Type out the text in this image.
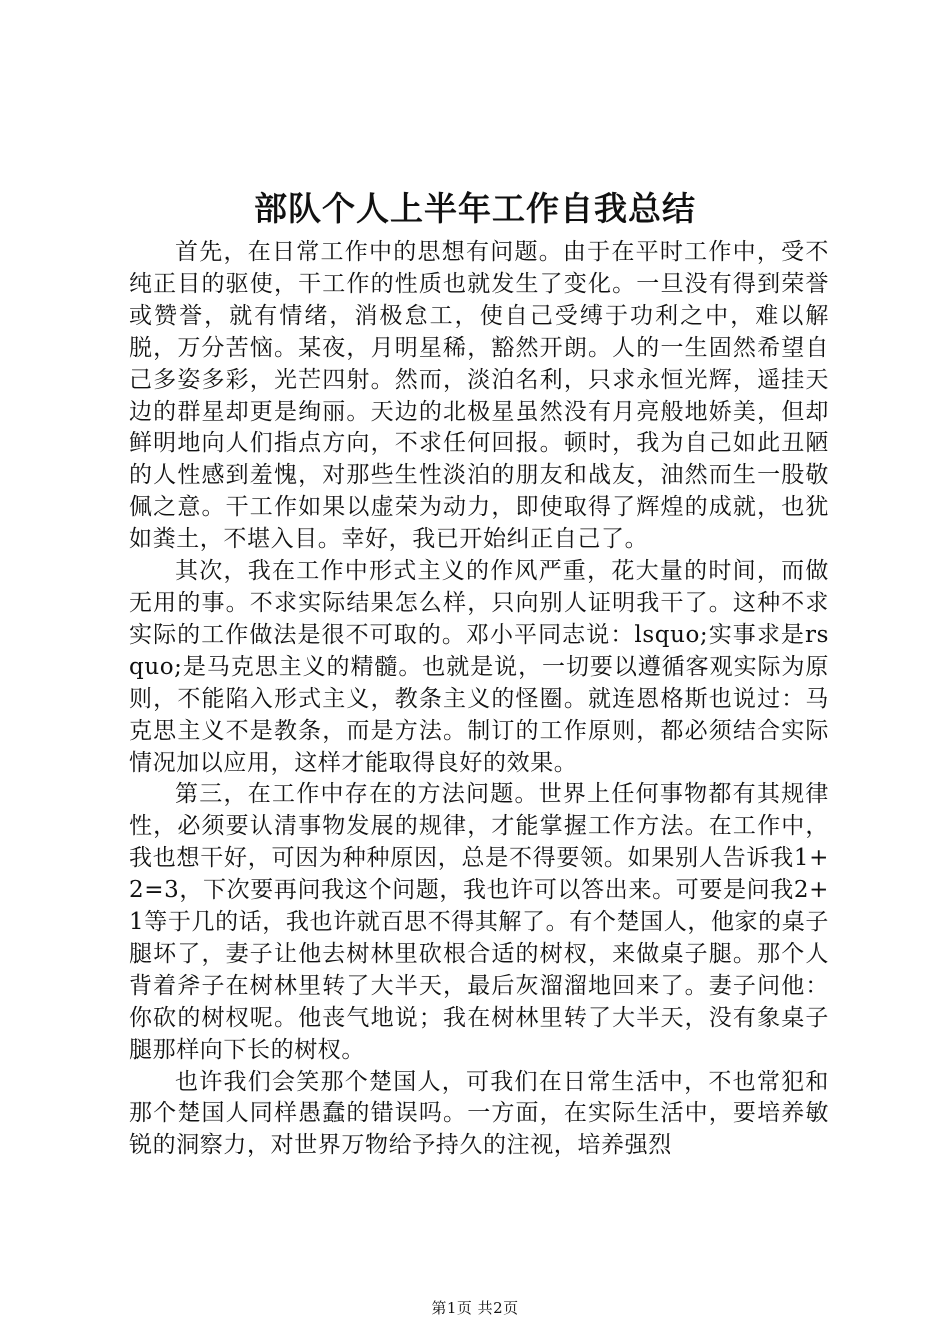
部队个人上半年工作自我总结

首先，在日常工作中的思想有问题。由于在平时工作中，受不纯正目的驱使，干工作的性质也就发生了变化。一旦没有得到荣誉或赞誉，就有情绪，消极怠工，使自己受缚于功利之中，难以解脱，万分苦恼。某夜，月明星稀，豁然开朗。人的一生固然希望自己多姿多彩，光芒四射。然而，淡泊名利，只求永恒光辉，遥挂天边的群星却更是绚丽。天边的北极星虽然没有月亮般地娇美，但却鲜明地向人们指点方向，不求任何回报。顿时，我为自己如此丑陋的人性感到羞愧，对那些生性淡泊的朋友和战友，油然而生一股敬佩之意。干工作如果以虚荣为动力，即使取得了辉煌的成就，也犹如粪土，不堪入目。幸好，我已开始纠正自己了。

其次，我在工作中形式主义的作风严重，花大量的时间，而做无用的事。不求实际结果怎么样，只向别人证明我干了。这种不求实际的工作做法是很不可取的。邓小平同志说：lsquo;实事求是rsquo;是马克思主义的精髓。也就是说，一切要以遵循客观实际为原则，不能陷入形式主义，教条主义的怪圈。就连恩格斯也说过：马克思主义不是教条，而是方法。制订的工作原则，都必须结合实际情况加以应用，这样才能取得良好的效果。

第三，在工作中存在的方法问题。世界上任何事物都有其规律性，必须要认清事物发展的规律，才能掌握工作方法。在工作中，我也想干好，可因为种种原因，总是不得要领。如果别人告诉我1+2=3，下次要再问我这个问题，我也许可以答出来。可要是问我2+1等于几的话，我也许就百思不得其解了。有个楚国人，他家的桌子腿坏了，妻子让他去树林里砍根合适的树杈，来做桌子腿。那个人背着斧子在树林里转了大半天，最后灰溜溜地回来了。妻子问他：你砍的树杈呢。他丧气地说；我在树林里转了大半天，没有象桌子腿那样向下长的树杈。

也许我们会笑那个楚国人，可我们在日常生活中，不也常犯和那个楚国人同样愚蠢的错误吗。一方面，在实际生活中，要培养敏锐的洞察力，对世界万物给予持久的注视，培养强烈

第1页 共2页
